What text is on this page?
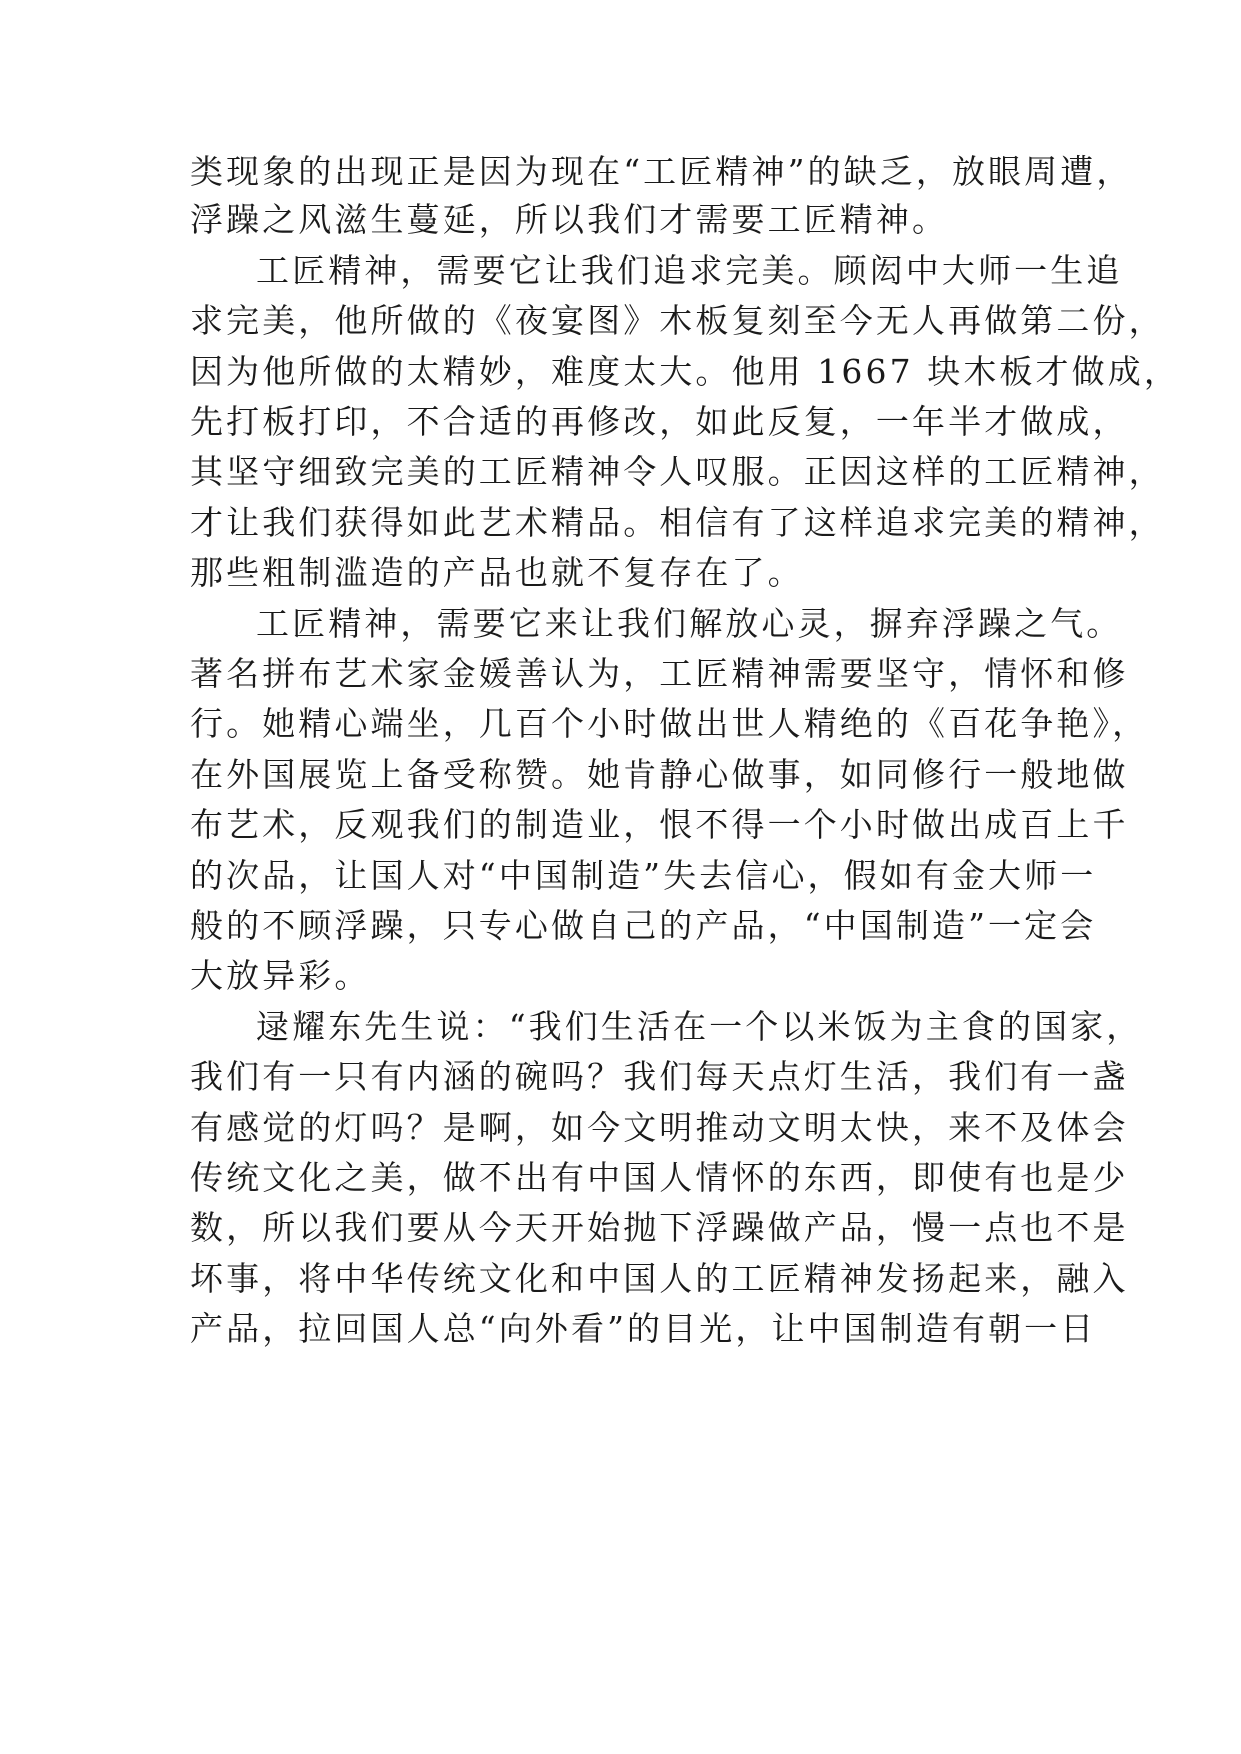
类现象的出现正是因为现在“工匠精神”的缺乏，放眼周遭，
浮躁之风滋生蔓延，所以我们才需要工匠精神。
工匠精神，需要它让我们追求完美。顾闳中大师一生追
求完美，他所做的《夜宴图》木板复刻至今无人再做第二份，
因为他所做的太精妙，难度太大。他用 1667 块木板才做成，
先打板打印，不合适的再修改，如此反复，一年半才做成，
其坚守细致完美的工匠精神令人叹服。正因这样的工匠精神，
才让我们获得如此艺术精品。相信有了这样追求完美的精神，
那些粗制滥造的产品也就不复存在了。
工匠精神，需要它来让我们解放心灵，摒弃浮躁之气。
著名拼布艺术家金媛善认为，工匠精神需要坚守，情怀和修
行。她精心端坐，几百个小时做出世人精绝的《百花争艳》，
在外国展览上备受称赞。她肯静心做事，如同修行一般地做
布艺术，反观我们的制造业，恨不得一个小时做出成百上千
的次品，让国人对“中国制造”失去信心，假如有金大师一
般的不顾浮躁，只专心做自己的产品，“中国制造”一定会
大放异彩。
逯耀东先生说：“我们生活在一个以米饭为主食的国家，
我们有一只有内涵的碗吗？我们每天点灯生活，我们有一盏
有感觉的灯吗？是啊，如今文明推动文明太快，来不及体会
传统文化之美，做不出有中国人情怀的东西，即使有也是少
数，所以我们要从今天开始抛下浮躁做产品，慢一点也不是
坏事，将中华传统文化和中国人的工匠精神发扬起来，融入
产品，拉回国人总“向外看”的目光，让中国制造有朝一日
